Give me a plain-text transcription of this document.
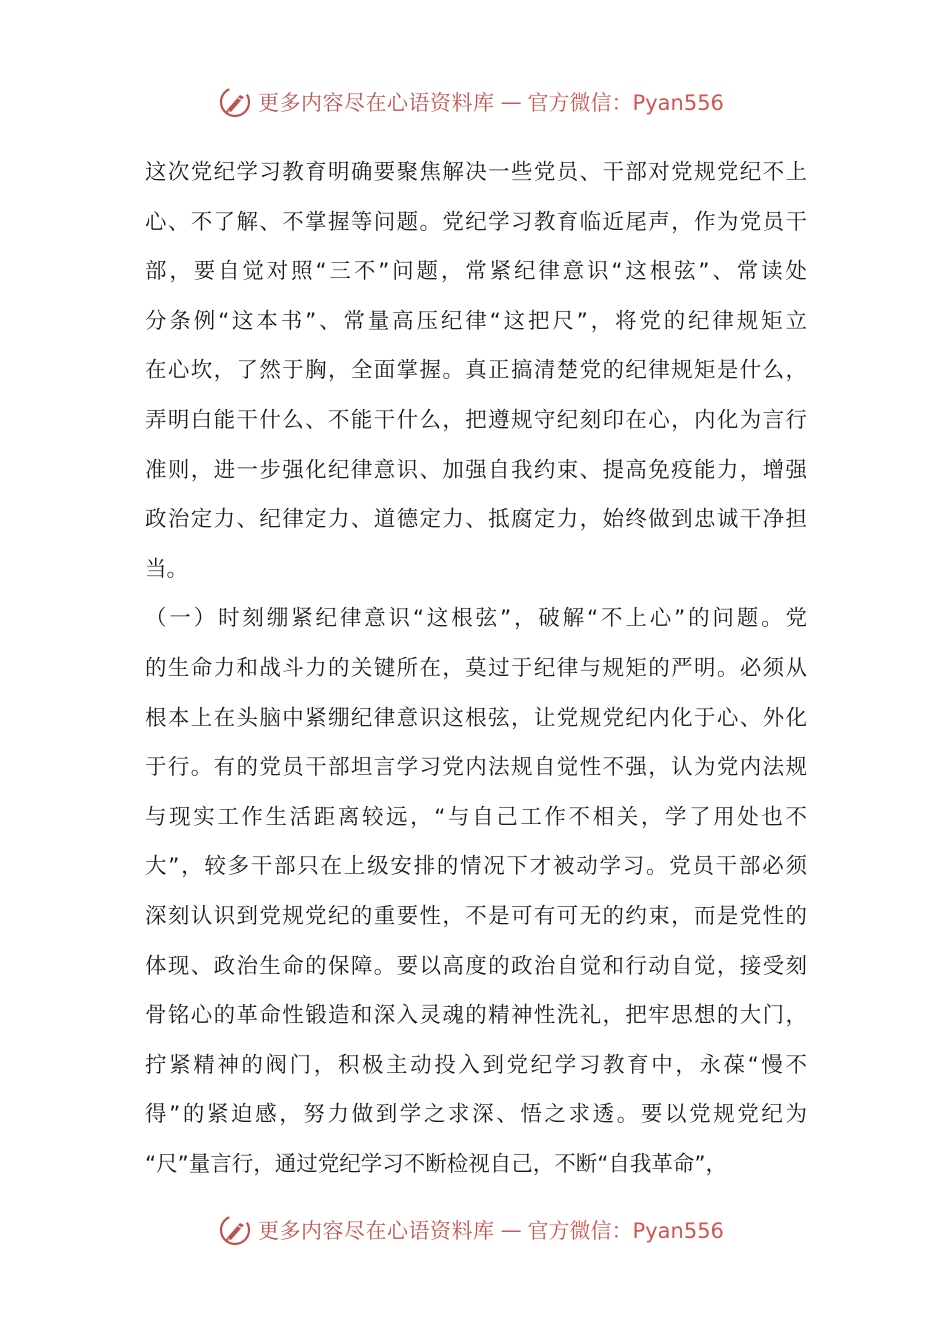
更多内容尽在心语资料库 — 官方微信：Pyan556
这次党纪学习教育明确要聚焦解决一些党员、干部对党规党纪不上
心、不了解、不掌握等问题。党纪学习教育临近尾声，作为党员干
部，要自觉对照“三不”问题，常紧纪律意识“这根弦”、常读处
分条例“这本书”、常量高压纪律“这把尺”，将党的纪律规矩立
在心坎，了然于胸，全面掌握。真正搞清楚党的纪律规矩是什么，
弄明白能干什么、不能干什么，把遵规守纪刻印在心，内化为言行
准则，进一步强化纪律意识、加强自我约束、提高免疫能力，增强
政治定力、纪律定力、道德定力、抵腐定力，始终做到忠诚干净担
当。
（一）时刻绷紧纪律意识“这根弦”，破解“不上心”的问题。党
的生命力和战斗力的关键所在，莫过于纪律与规矩的严明。必须从
根本上在头脑中紧绷纪律意识这根弦，让党规党纪内化于心、外化
于行。有的党员干部坦言学习党内法规自觉性不强，认为党内法规
与现实工作生活距离较远，“与自己工作不相关，学了用处也不
大”，较多干部只在上级安排的情况下才被动学习。党员干部必须
深刻认识到党规党纪的重要性，不是可有可无的约束，而是党性的
体现、政治生命的保障。要以高度的政治自觉和行动自觉，接受刻
骨铭心的革命性锻造和深入灵魂的精神性洗礼，把牢思想的大门，
拧紧精神的阀门，积极主动投入到党纪学习教育中，永葆“慢不
得”的紧迫感，努力做到学之求深、悟之求透。要以党规党纪为
“尺”量言行，通过党纪学习不断检视自己，不断“自我革命”，
更多内容尽在心语资料库 — 官方微信：Pyan556
